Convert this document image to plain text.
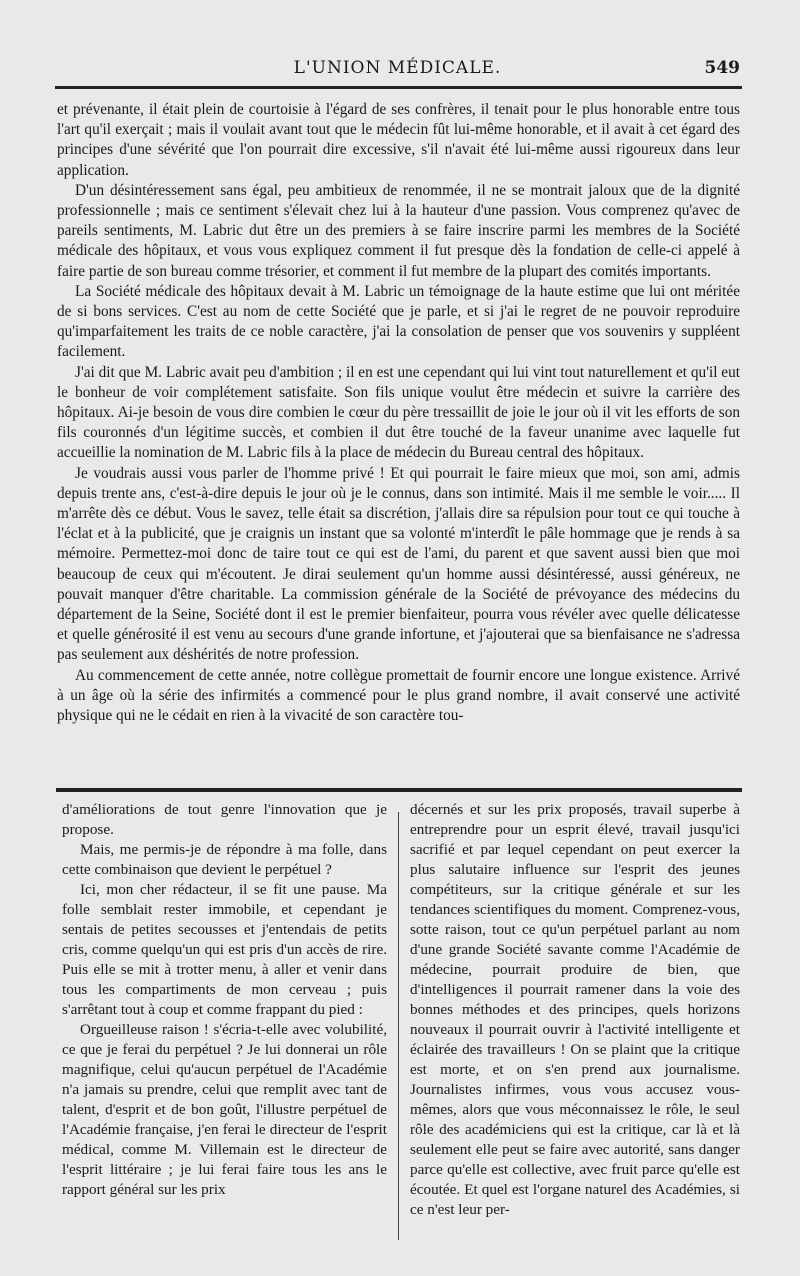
L'UNION MÉDICALE.	549

et prévenante, il était plein de courtoisie à l'égard de ses confrères, il tenait pour le plus honorable entre tous l'art qu'il exerçait ; mais il voulait avant tout que le médecin fût lui-même honorable, et il avait à cet égard des principes d'une sévérité que l'on pourrait dire excessive, s'il n'avait été lui-même aussi rigoureux dans leur application.

D'un désintéressement sans égal, peu ambitieux de renommée, il ne se montrait jaloux que de la dignité professionnelle ; mais ce sentiment s'élevait chez lui à la hauteur d'une passion. Vous comprenez qu'avec de pareils sentiments, M. Labric dut être un des premiers à se faire inscrire parmi les membres de la Société médicale des hôpitaux, et vous vous expliquez comment il fut presque dès la fondation de celle-ci appelé à faire partie de son bureau comme trésorier, et comment il fut membre de la plupart des comités importants.

La Société médicale des hôpitaux devait à M. Labric un témoignage de la haute estime que lui ont méritée de si bons services. C'est au nom de cette Société que je parle, et si j'ai le regret de ne pouvoir reproduire qu'imparfaitement les traits de ce noble caractère, j'ai la consolation de penser que vos souvenirs y suppléent facilement.

J'ai dit que M. Labric avait peu d'ambition ; il en est une cependant qui lui vint tout naturellement et qu'il eut le bonheur de voir complétement satisfaite. Son fils unique voulut être médecin et suivre la carrière des hôpitaux. Ai-je besoin de vous dire combien le cœur du père tressaillit de joie le jour où il vit les efforts de son fils couronnés d'un légitime succès, et combien il dut être touché de la faveur unanime avec laquelle fut accueillie la nomination de M. Labric fils à la place de médecin du Bureau central des hôpitaux.

Je voudrais aussi vous parler de l'homme privé ! Et qui pourrait le faire mieux que moi, son ami, admis depuis trente ans, c'est-à-dire depuis le jour où je le connus, dans son intimité. Mais il me semble le voir..... Il m'arrête dès ce début. Vous le savez, telle était sa discrétion, j'allais dire sa répulsion pour tout ce qui touche à l'éclat et à la publicité, que je craignis un instant que sa volonté m'interdît le pâle hommage que je rends à sa mémoire. Permettez-moi donc de taire tout ce qui est de l'ami, du parent et que savent aussi bien que moi beaucoup de ceux qui m'écoutent. Je dirai seulement qu'un homme aussi désintéressé, aussi généreux, ne pouvait manquer d'être charitable. La commission générale de la Société de prévoyance des médecins du département de la Seine, Société dont il est le premier bienfaiteur, pourra vous révéler avec quelle délicatesse et quelle générosité il est venu au secours d'une grande infortune, et j'ajouterai que sa bienfaisance ne s'adressa pas seulement aux déshérités de notre profession.

Au commencement de cette année, notre collègue promettait de fournir encore une longue existence. Arrivé à un âge où la série des infirmités a commencé pour le plus grand nombre, il avait conservé une activité physique qui ne le cédait en rien à la vivacité de son caractère tou-

d'améliorations de tout genre l'innovation que je propose.

Mais, me permis-je de répondre à ma folle, dans cette combinaison que devient le perpétuel ?

Ici, mon cher rédacteur, il se fit une pause. Ma folle semblait rester immobile, et cependant je sentais de petites secousses et j'entendais de petits cris, comme quelqu'un qui est pris d'un accès de rire. Puis elle se mit à trotter menu, à aller et venir dans tous les compartiments de mon cerveau ; puis s'arrêtant tout à coup et comme frappant du pied :

Orgueilleuse raison ! s'écria-t-elle avec volubilité, ce que je ferai du perpétuel ? Je lui donnerai un rôle magnifique, celui qu'aucun perpétuel de l'Académie n'a jamais su prendre, celui que remplit avec tant de talent, d'esprit et de bon goût, l'illustre perpétuel de l'Académie française, j'en ferai le directeur de l'esprit médical, comme M. Villemain est le directeur de l'esprit littéraire ; je lui ferai faire tous les ans le rapport général sur les prix

décernés et sur les prix proposés, travail superbe à entreprendre pour un esprit élevé, travail jusqu'ici sacrifié et par lequel cependant on peut exercer la plus salutaire influence sur l'esprit des jeunes compétiteurs, sur la critique générale et sur les tendances scientifiques du moment. Comprenez-vous, sotte raison, tout ce qu'un perpétuel parlant au nom d'une grande Société savante comme l'Académie de médecine, pourrait produire de bien, que d'intelligences il pourrait ramener dans la voie des bonnes méthodes et des principes, quels horizons nouveaux il pourrait ouvrir à l'activité intelligente et éclairée des travailleurs ! On se plaint que la critique est morte, et on s'en prend aux journalisme. Journalistes infirmes, vous vous accusez vous-mêmes, alors que vous méconnaissez le rôle, le seul rôle des académiciens qui est la critique, car là et là seulement elle peut se faire avec autorité, sans danger parce qu'elle est collective, avec fruit parce qu'elle est écoutée. Et quel est l'organe naturel des Académies, si ce n'est leur per-
